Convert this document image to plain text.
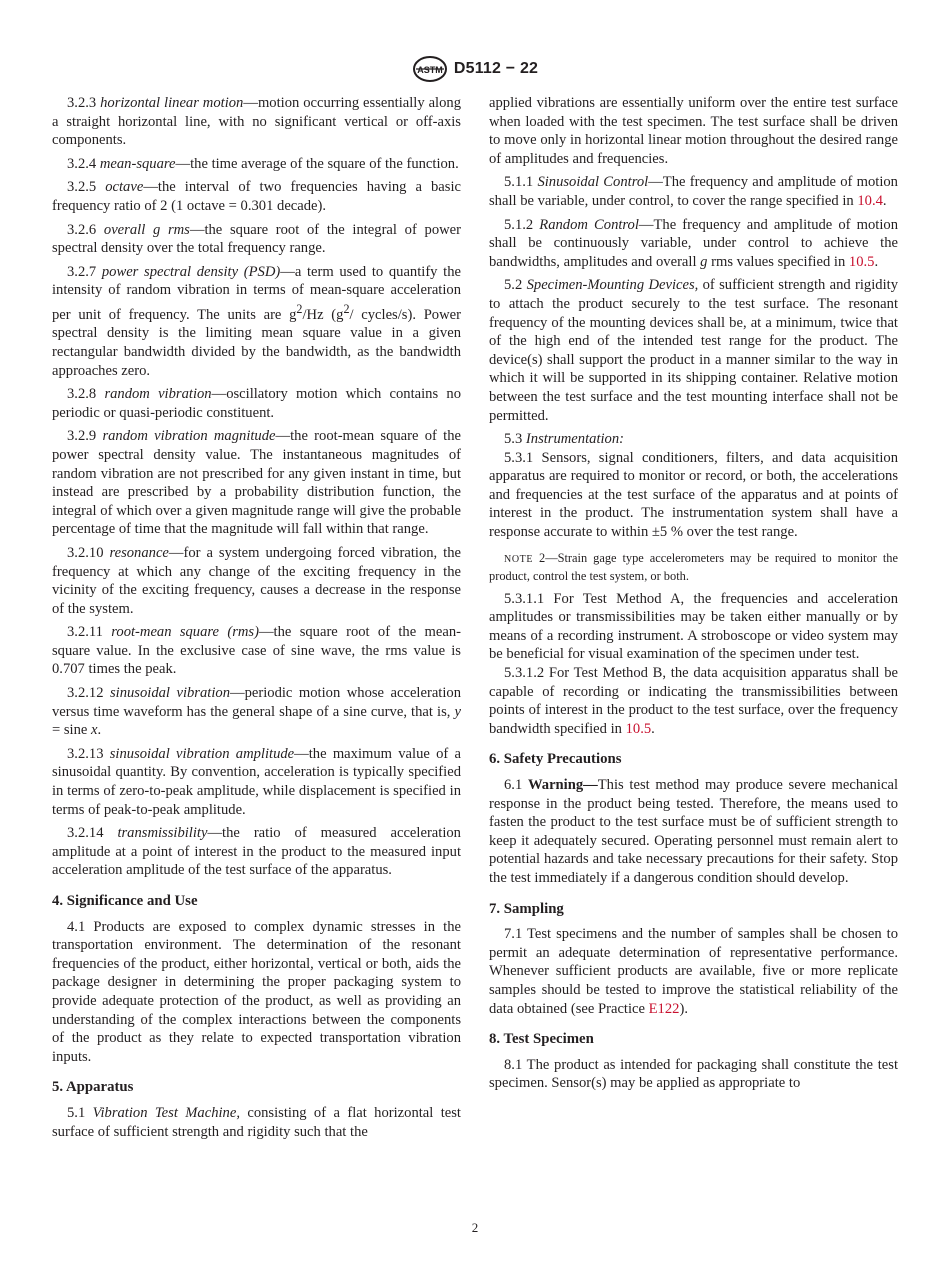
ASTM D5112 − 22

3.2.3 horizontal linear motion—motion occurring essentially along a straight horizontal line, with no significant vertical or off-axis components.

3.2.4 mean-square—the time average of the square of the function.

3.2.5 octave—the interval of two frequencies having a basic frequency ratio of 2 (1 octave = 0.301 decade).

3.2.6 overall g rms—the square root of the integral of power spectral density over the total frequency range.

3.2.7 power spectral density (PSD)—a term used to quantify the intensity of random vibration in terms of mean-square acceleration per unit of frequency. The units are $g^2/Hz$ ($g^2/$ cycles/s). Power spectral density is the limiting mean square value in a given rectangular bandwidth divided by the bandwidth, as the bandwidth approaches zero.

3.2.8 random vibration—oscillatory motion which contains no periodic or quasi-periodic constituent.

3.2.9 random vibration magnitude—the root-mean square of the power spectral density value. The instantaneous magnitudes of random vibration are not prescribed for any given instant in time, but instead are prescribed by a probability distribution function, the integral of which over a given magnitude range will give the probable percentage of time that the magnitude will fall within that range.

3.2.10 resonance—for a system undergoing forced vibration, the frequency at which any change of the exciting frequency in the vicinity of the exciting frequency, causes a decrease in the response of the system.

3.2.11 root-mean square (rms)—the square root of the mean-square value. In the exclusive case of sine wave, the rms value is 0.707 times the peak.

3.2.12 sinusoidal vibration—periodic motion whose acceleration versus time waveform has the general shape of a sine curve, that is, y = sine x.

3.2.13 sinusoidal vibration amplitude—the maximum value of a sinusoidal quantity. By convention, acceleration is typically specified in terms of zero-to-peak amplitude, while displacement is specified in terms of peak-to-peak amplitude.

3.2.14 transmissibility—the ratio of measured acceleration amplitude at a point of interest in the product to the measured input acceleration amplitude of the test surface of the apparatus.

4. Significance and Use

4.1 Products are exposed to complex dynamic stresses in the transportation environment. The determination of the resonant frequencies of the product, either horizontal, vertical or both, aids the package designer in determining the proper packaging system to provide adequate protection of the product, as well as providing an understanding of the complex interactions between the components of the product as they relate to expected transportation vibration inputs.

5. Apparatus

5.1 Vibration Test Machine, consisting of a flat horizontal test surface of sufficient strength and rigidity such that the

applied vibrations are essentially uniform over the entire test surface when loaded with the test specimen. The test surface shall be driven to move only in horizontal linear motion throughout the desired range of amplitudes and frequencies.

5.1.1 Sinusoidal Control—The frequency and amplitude of motion shall be variable, under control, to cover the range specified in 10.4.

5.1.2 Random Control—The frequency and amplitude of motion shall be continuously variable, under control to achieve the bandwidths, amplitudes and overall g rms values specified in 10.5.

5.2 Specimen-Mounting Devices, of sufficient strength and rigidity to attach the product securely to the test surface. The resonant frequency of the mounting devices shall be, at a minimum, twice that of the high end of the intended test range for the product. The device(s) shall support the product in a manner similar to the way in which it will be supported in its shipping container. Relative motion between the test surface and the test mounting interface shall not be permitted.

5.3 Instrumentation:

5.3.1 Sensors, signal conditioners, filters, and data acquisition apparatus are required to monitor or record, or both, the accelerations and frequencies at the test surface of the apparatus and at points of interest in the product. The instrumentation system shall have a response accurate to within ±5 % over the test range.

NOTE 2—Strain gage type accelerometers may be required to monitor the product, control the test system, or both.

5.3.1.1 For Test Method A, the frequencies and acceleration amplitudes or transmissibilities may be taken either manually or by means of a recording instrument. A stroboscope or video system may be beneficial for visual examination of the specimen under test.

5.3.1.2 For Test Method B, the data acquisition apparatus shall be capable of recording or indicating the transmissibilities between points of interest in the product to the test surface, over the frequency bandwidth specified in 10.5.

6. Safety Precautions

6.1 Warning—This test method may produce severe mechanical response in the product being tested. Therefore, the means used to fasten the product to the test surface must be of sufficient strength to keep it adequately secured. Operating personnel must remain alert to potential hazards and take necessary precautions for their safety. Stop the test immediately if a dangerous condition should develop.

7. Sampling

7.1 Test specimens and the number of samples shall be chosen to permit an adequate determination of representative performance. Whenever sufficient products are available, five or more replicate samples should be tested to improve the statistical reliability of the data obtained (see Practice E122).

8. Test Specimen

8.1 The product as intended for packaging shall constitute the test specimen. Sensor(s) may be applied as appropriate to

2
